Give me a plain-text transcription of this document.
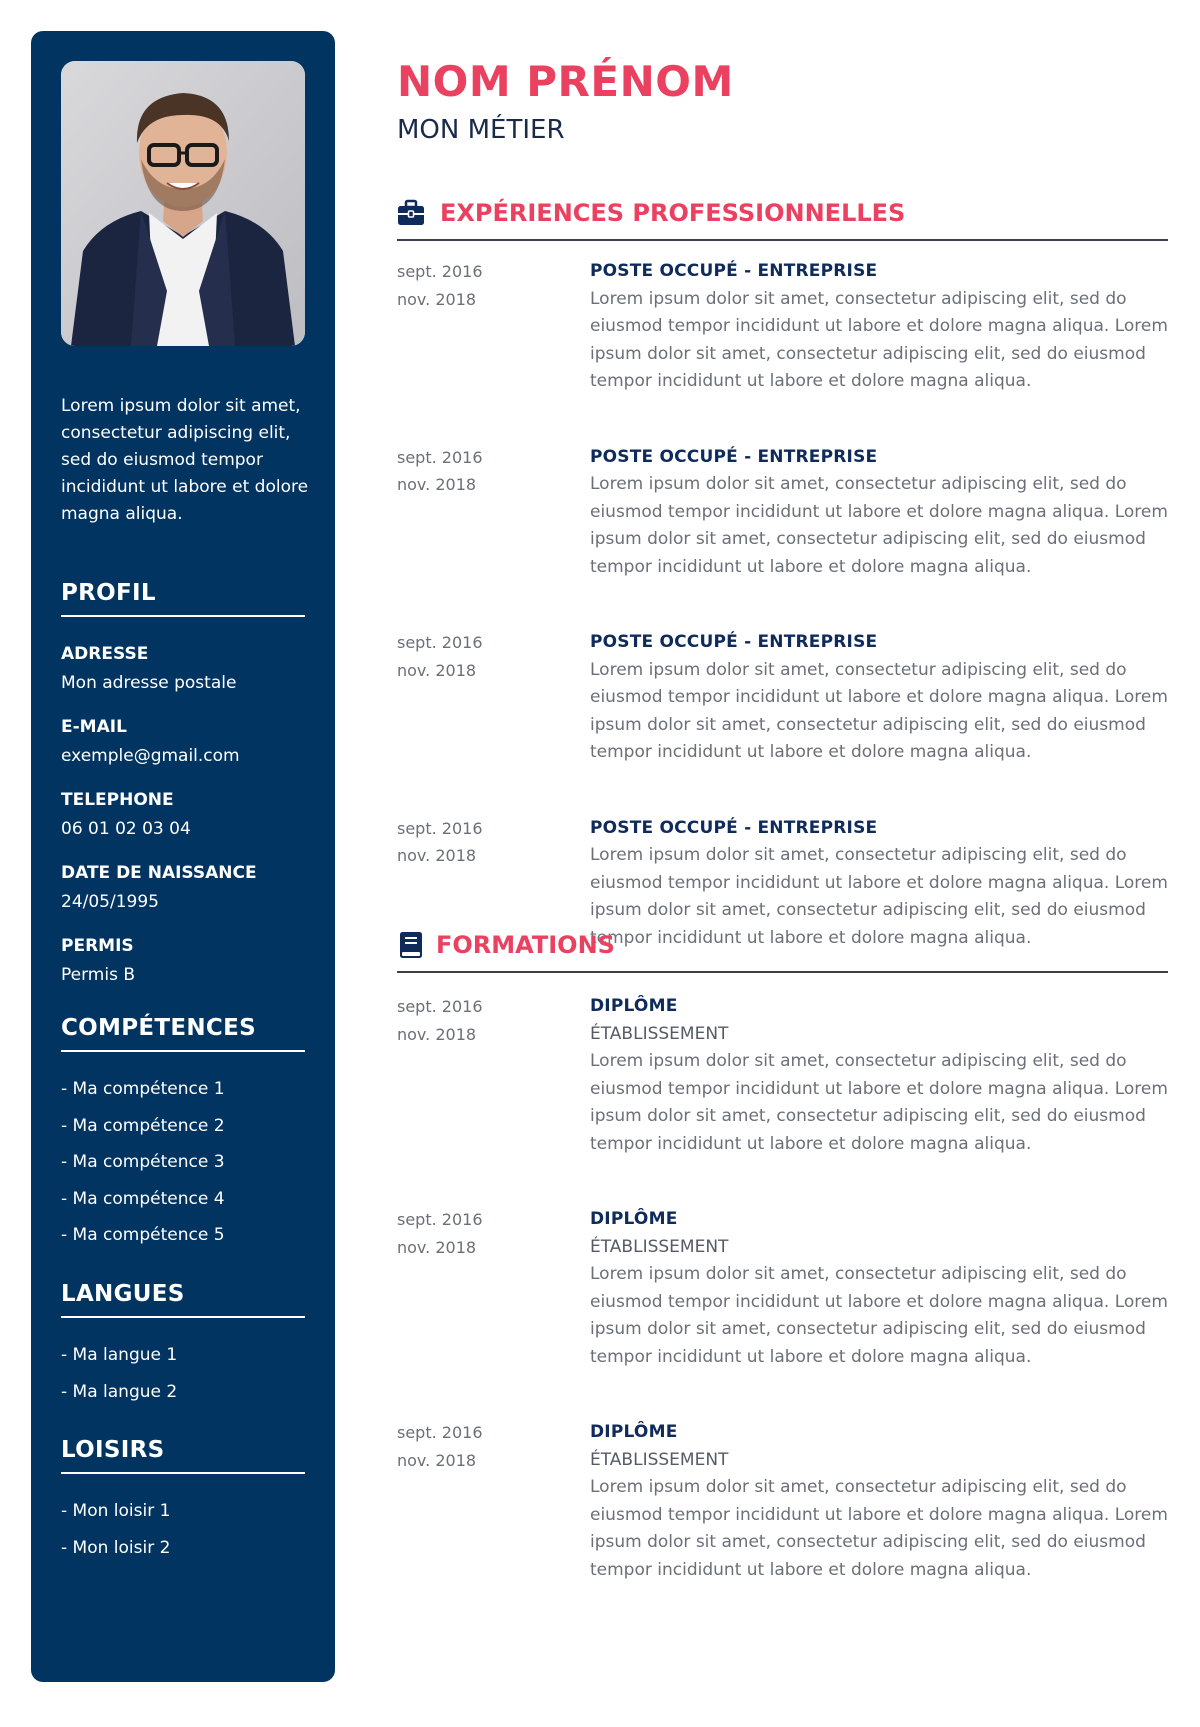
Lorem ipsum dolor sit amet, consectetur adipiscing elit, sed do eiusmod tempor incididunt ut labore et dolore magna aliqua.

PROFIL
ADRESSE
Mon adresse postale
E-MAIL
exemple@gmail.com
TELEPHONE
06 01 02 03 04
DATE DE NAISSANCE
24/05/1995
PERMIS
Permis B
COMPÉTENCES
- Ma compétence 1
- Ma compétence 2
- Ma compétence 3
- Ma compétence 4
- Ma compétence 5
LANGUES
- Ma langue 1
- Ma langue 2
LOISIRS
- Mon loisir 1
- Mon loisir 2
NOM PRÉNOM
MON MÉTIER
EXPÉRIENCES PROFESSIONNELLES
sept. 2016
nov. 2018
POSTE OCCUPÉ - ENTREPRISE
Lorem ipsum dolor sit amet, consectetur adipiscing elit, sed do eiusmod tempor incididunt ut labore et dolore magna aliqua. Lorem ipsum dolor sit amet, consectetur adipiscing elit, sed do eiusmod tempor incididunt ut labore et dolore magna aliqua.
sept. 2016
nov. 2018
POSTE OCCUPÉ - ENTREPRISE
Lorem ipsum dolor sit amet, consectetur adipiscing elit, sed do eiusmod tempor incididunt ut labore et dolore magna aliqua. Lorem ipsum dolor sit amet, consectetur adipiscing elit, sed do eiusmod tempor incididunt ut labore et dolore magna aliqua.
sept. 2016
nov. 2018
POSTE OCCUPÉ - ENTREPRISE
Lorem ipsum dolor sit amet, consectetur adipiscing elit, sed do eiusmod tempor incididunt ut labore et dolore magna aliqua. Lorem ipsum dolor sit amet, consectetur adipiscing elit, sed do eiusmod tempor incididunt ut labore et dolore magna aliqua.
sept. 2016
nov. 2018
POSTE OCCUPÉ - ENTREPRISE
Lorem ipsum dolor sit amet, consectetur adipiscing elit, sed do eiusmod tempor incididunt ut labore et dolore magna aliqua. Lorem ipsum dolor sit amet, consectetur adipiscing elit, sed do eiusmod tempor incididunt ut labore et dolore magna aliqua.
FORMATIONS
sept. 2016
nov. 2018
DIPLÔME
ÉTABLISSEMENT
Lorem ipsum dolor sit amet, consectetur adipiscing elit, sed do eiusmod tempor incididunt ut labore et dolore magna aliqua. Lorem ipsum dolor sit amet, consectetur adipiscing elit, sed do eiusmod tempor incididunt ut labore et dolore magna aliqua.
sept. 2016
nov. 2018
DIPLÔME
ÉTABLISSEMENT
Lorem ipsum dolor sit amet, consectetur adipiscing elit, sed do eiusmod tempor incididunt ut labore et dolore magna aliqua. Lorem ipsum dolor sit amet, consectetur adipiscing elit, sed do eiusmod tempor incididunt ut labore et dolore magna aliqua.
sept. 2016
nov. 2018
DIPLÔME
ÉTABLISSEMENT
Lorem ipsum dolor sit amet, consectetur adipiscing elit, sed do eiusmod tempor incididunt ut labore et dolore magna aliqua. Lorem ipsum dolor sit amet, consectetur adipiscing elit, sed do eiusmod tempor incididunt ut labore et dolore magna aliqua.
